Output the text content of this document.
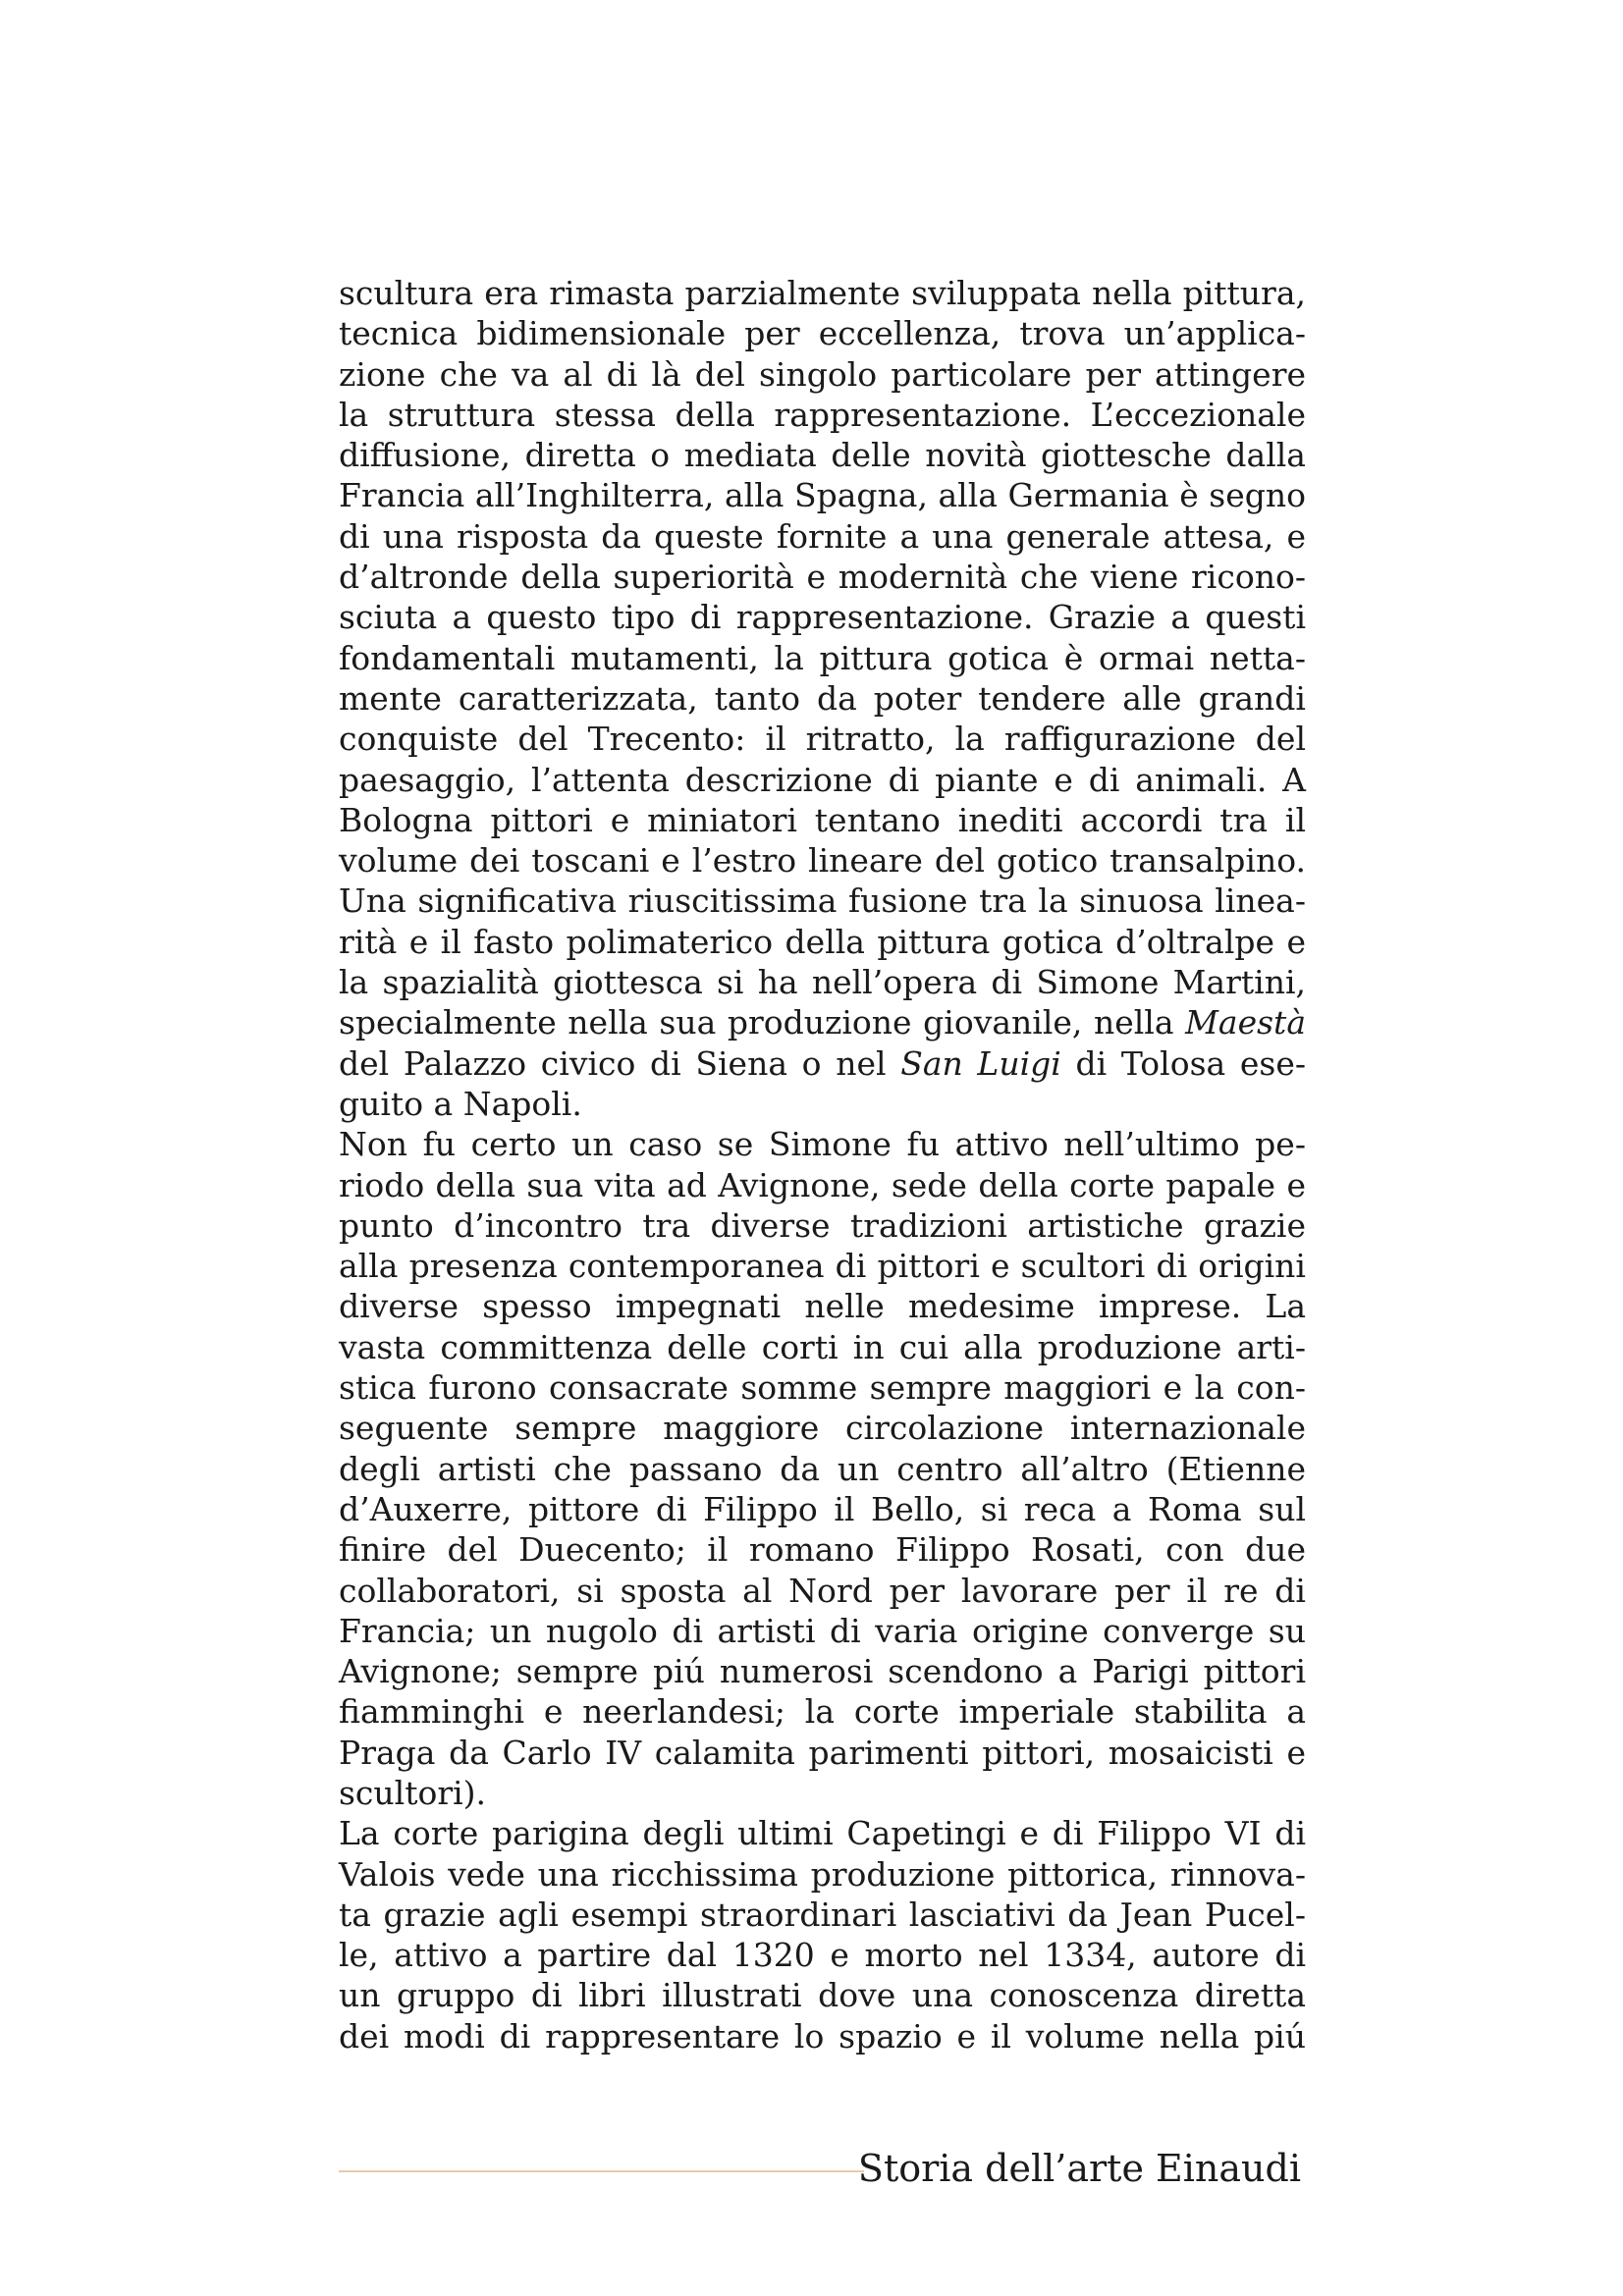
scultura era rimasta parzialmente sviluppata nella pittura,
tecnica bidimensionale per eccellenza, trova un’applica-
zione che va al di là del singolo particolare per attingere
la struttura stessa della rappresentazione. L’eccezionale
diffusione, diretta o mediata delle novità giottesche dalla
Francia all’Inghilterra, alla Spagna, alla Germania è segno
di una risposta da queste fornite a una generale attesa, e
d’altronde della superiorità e modernità che viene ricono-
sciuta a questo tipo di rappresentazione. Grazie a questi
fondamentali mutamenti, la pittura gotica è ormai netta-
mente caratterizzata, tanto da poter tendere alle grandi
conquiste del Trecento: il ritratto, la raffigurazione del
paesaggio, l’attenta descrizione di piante e di animali. A
Bologna pittori e miniatori tentano inediti accordi tra il
volume dei toscani e l’estro lineare del gotico transalpino.
Una significativa riuscitissima fusione tra la sinuosa linea-
rità e il fasto polimaterico della pittura gotica d’oltralpe e
la spazialità giottesca si ha nell’opera di Simone Martini,
specialmente nella sua produzione giovanile, nella Maestà
del Palazzo civico di Siena o nel San Luigi di Tolosa ese-
guito a Napoli.
Non fu certo un caso se Simone fu attivo nell’ultimo pe-
riodo della sua vita ad Avignone, sede della corte papale e
punto d’incontro tra diverse tradizioni artistiche grazie
alla presenza contemporanea di pittori e scultori di origini
diverse spesso impegnati nelle medesime imprese. La
vasta committenza delle corti in cui alla produzione arti-
stica furono consacrate somme sempre maggiori e la con-
seguente sempre maggiore circolazione internazionale
degli artisti che passano da un centro all’altro (Etienne
d’Auxerre, pittore di Filippo il Bello, si reca a Roma sul
finire del Duecento; il romano Filippo Rosati, con due
collaboratori, si sposta al Nord per lavorare per il re di
Francia; un nugolo di artisti di varia origine converge su
Avignone; sempre piú numerosi scendono a Parigi pittori
fiamminghi e neerlandesi; la corte imperiale stabilita a
Praga da Carlo IV calamita parimenti pittori, mosaicisti e
scultori).
La corte parigina degli ultimi Capetingi e di Filippo VI di
Valois vede una ricchissima produzione pittorica, rinnova-
ta grazie agli esempi straordinari lasciativi da Jean Pucel-
le, attivo a partire dal 1320 e morto nel 1334, autore di
un gruppo di libri illustrati dove una conoscenza diretta
dei modi di rappresentare lo spazio e il volume nella piú
Storia dell’arte Einaudi
